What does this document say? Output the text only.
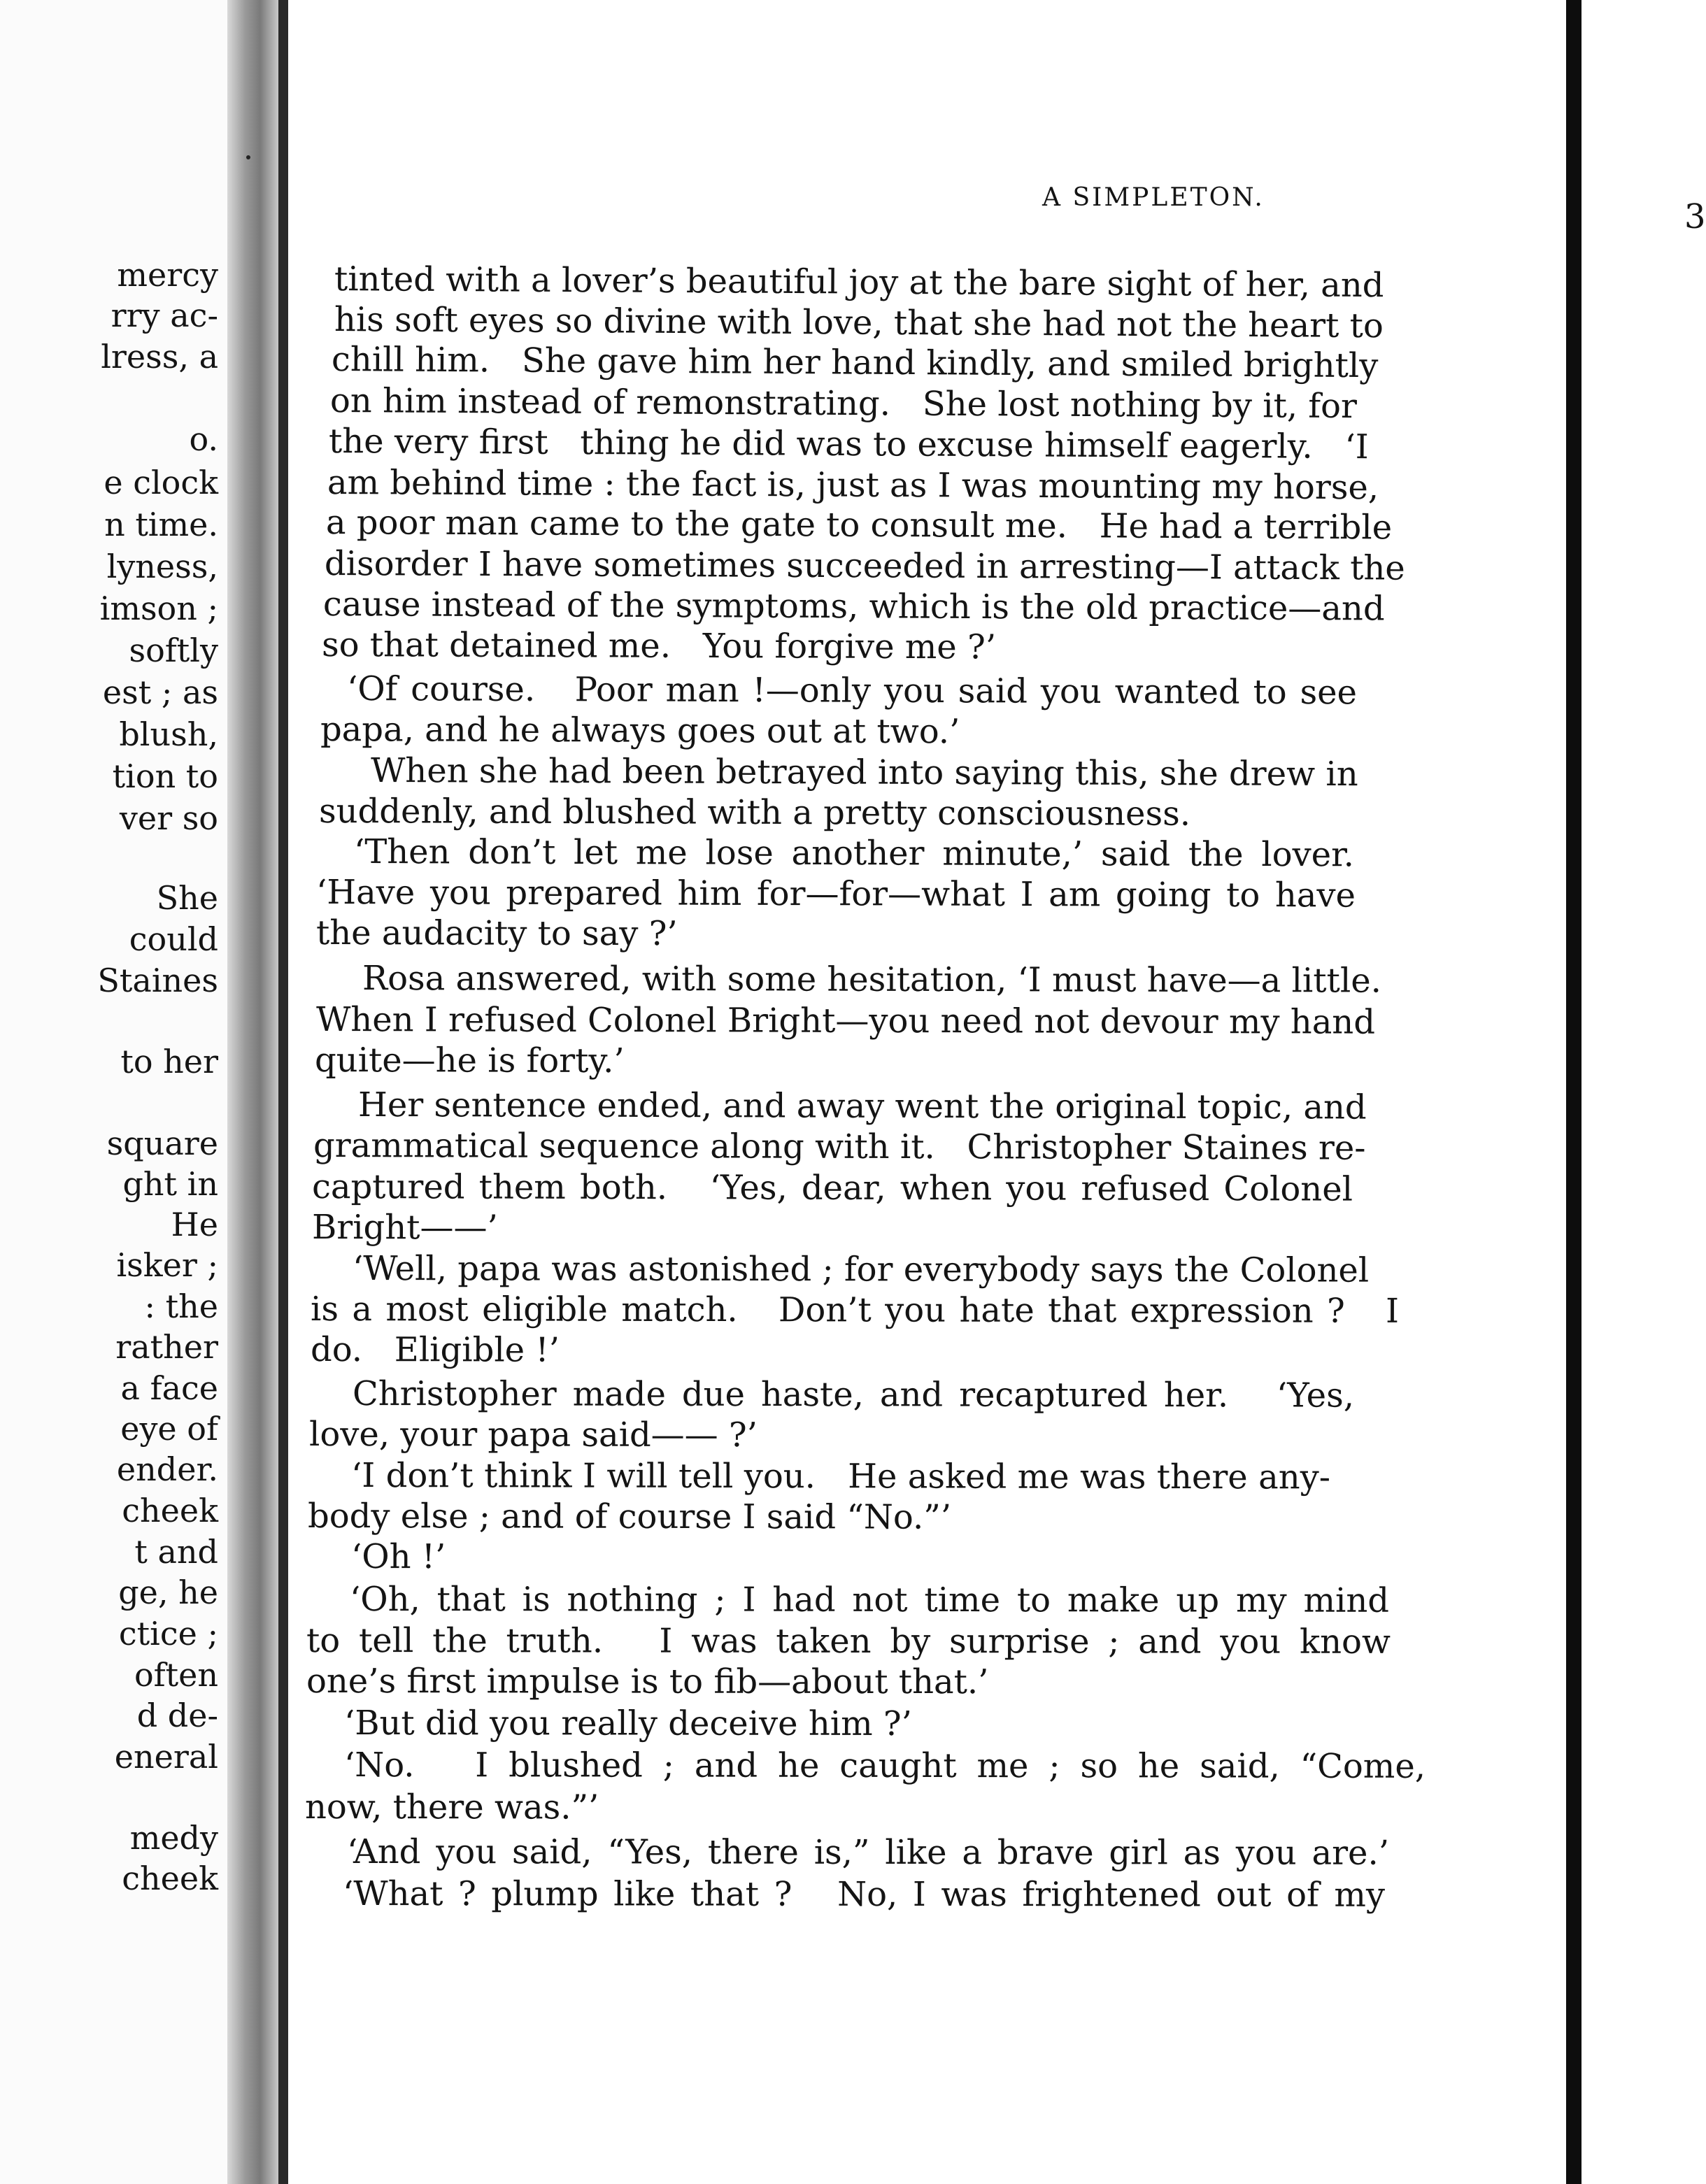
mercy
rry ac-
lress, a
o.
e clock
n time.
lyness,
imson ;
softly
est ; as
blush,
tion to
ver so
She
could
Staines
to her
square
ght in
He
isker ;
: the
rather
a face
eye of
ender.
cheek
t and
ge, he
ctice ;
often
d de-
eneral
medy
cheek
A SIMPLETON.	3
tinted with a lover’s beautiful joy at the bare sight of her, and
his soft eyes so divine with love, that she had not the heart to
chill him.   She gave him her hand kindly, and smiled brightly
on him instead of remonstrating.   She lost nothing by it, for
the very first   thing he did was to excuse himself eagerly.   ‘I
am behind time : the fact is, just as I was mounting my horse,
a poor man came to the gate to consult me.   He had a terrible
disorder I have sometimes succeeded in arresting—I attack the
cause instead of the symptoms, which is the old practice—and
so that detained me.   You forgive me ?’
‘Of course.   Poor man !—only you said you wanted to see
papa, and he always goes out at two.’
When she had been betrayed into saying this, she drew in
suddenly, and blushed with a pretty consciousness.
‘Then don’t let me lose another minute,’ said the lover.
‘Have you prepared him for—for—what I am going to have
the audacity to say ?’
Rosa answered, with some hesitation, ‘I must have—a little.
When I refused Colonel Bright—you need not devour my hand
quite—he is forty.’
Her sentence ended, and away went the original topic, and
grammatical sequence along with it.   Christopher Staines re-
captured them both.   ‘Yes, dear, when you refused Colonel
Bright——’
‘Well, papa was astonished ; for everybody says the Colonel
is a most eligible match.   Don’t you hate that expression ?   I
do.   Eligible !’
Christopher made due haste, and recaptured her.   ‘Yes,
love, your papa said—— ?’
‘I don’t think I will tell you.   He asked me was there any-
body else ; and of course I said “No.”’
‘Oh !’
‘Oh, that is nothing ; I had not time to make up my mind
to tell the truth.   I was taken by surprise ; and you know
one’s first impulse is to fib—about that.’
‘But did you really deceive him ?’
‘No.   I blushed ; and he caught me ; so he said, “Come,
now, there was.”’
‘And you said, “Yes, there is,” like a brave girl as you are.’
‘What ? plump like that ?   No, I was frightened out of my
